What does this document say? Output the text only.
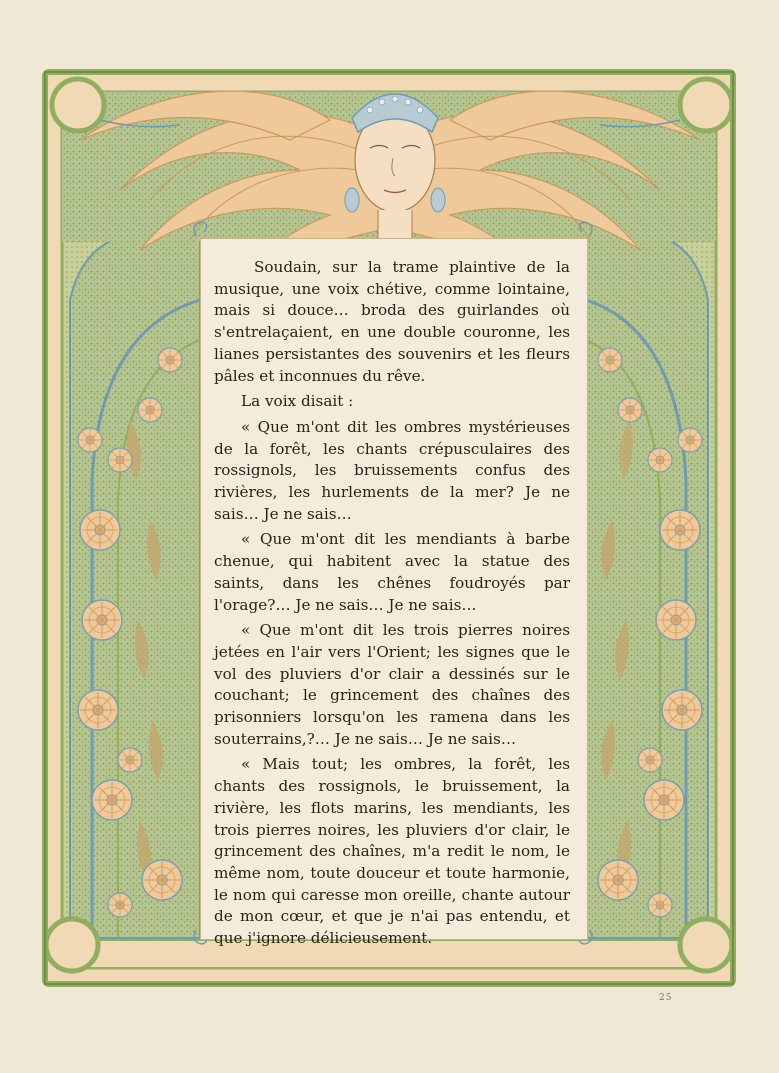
Soudain, sur la trame plaintive de la musique, une voix chétive, comme lointaine, mais si douce… broda des guirlandes où s'entrelaçaient, en une double couronne, les lianes persistantes des souvenirs et les fleurs pâles et inconnues du rêve.

La voix disait :

« Que m'ont dit les ombres mystérieuses de la forêt, les chants crépusculaires des rossignols, les bruissements confus des rivières, les hurlements de la mer? Je ne sais… Je ne sais…

« Que m'ont dit les mendiants à barbe chenue, qui habitent avec la statue des saints, dans les chênes foudroyés par l'orage?… Je ne sais… Je ne sais…

« Que m'ont dit les trois pierres noires jetées en l'air vers l'Orient; les signes que le vol des pluviers d'or clair a dessinés sur le couchant; le grincement des chaînes des prisonniers lorsqu'on les ramena dans les souterrains,?… Je ne sais… Je ne sais…

« Mais tout; les ombres, la forêt, les chants des rossignols, le bruissement, la rivière, les flots marins, les mendiants, les trois pierres noires, les pluviers d'or clair, le grincement des chaînes, m'a redit le nom, le même nom, toute douceur et toute harmonie, le nom qui caresse mon oreille, chante autour de mon cœur, et que je n'ai pas entendu, et que j'ignore délicieusement.

25
